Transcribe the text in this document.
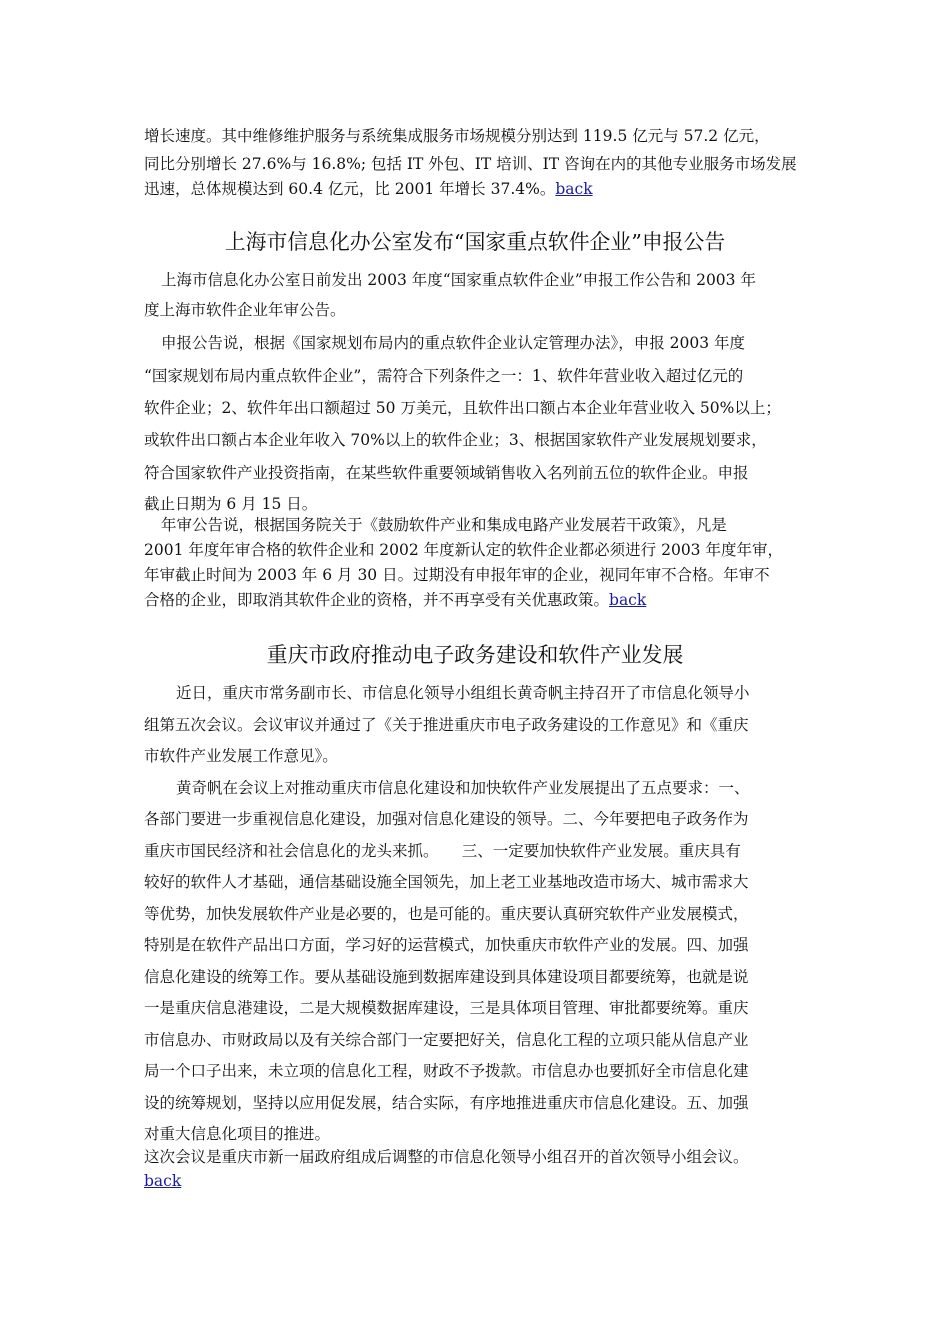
增长速度。其中维修维护服务与系统集成服务市场规模分别达到 119.5 亿元与 57.2 亿元，
同比分别增长 27.6%与 16.8%; 包括 IT 外包、IT 培训、IT 咨询在内的其他专业服务市场发展
迅速，总体规模达到 60.4 亿元，比 2001 年增长 37.4%。back
上海市信息化办公室发布“国家重点软件企业”申报公告
上海市信息化办公室日前发出 2003 年度“国家重点软件企业”申报工作公告和 2003 年
度上海市软件企业年审公告。
申报公告说，根据《国家规划布局内的重点软件企业认定管理办法》，申报 2003 年度
“国家规划布局内重点软件企业”，需符合下列条件之一：1、软件年营业收入超过亿元的
软件企业；2、软件年出口额超过 50 万美元，且软件出口额占本企业年营业收入 50%以上；
或软件出口额占本企业年收入 70%以上的软件企业；3、根据国家软件产业发展规划要求，
符合国家软件产业投资指南，在某些软件重要领域销售收入名列前五位的软件企业。申报
截止日期为 6 月 15 日。
年审公告说，根据国务院关于《鼓励软件产业和集成电路产业发展若干政策》，凡是
2001 年度年审合格的软件企业和 2002 年度新认定的软件企业都必须进行 2003 年度年审，
年审截止时间为 2003 年 6 月 30 日。过期没有申报年审的企业，视同年审不合格。年审不
合格的企业，即取消其软件企业的资格，并不再享受有关优惠政策。back
重庆市政府推动电子政务建设和软件产业发展
近日，重庆市常务副市长、市信息化领导小组组长黄奇帆主持召开了市信息化领导小
组第五次会议。会议审议并通过了《关于推进重庆市电子政务建设的工作意见》和《重庆
市软件产业发展工作意见》。
黄奇帆在会议上对推动重庆市信息化建设和加快软件产业发展提出了五点要求：一、
各部门要进一步重视信息化建设，加强对信息化建设的领导。二、今年要把电子政务作为
重庆市国民经济和社会信息化的龙头来抓。　　三、一定要加快软件产业发展。重庆具有
较好的软件人才基础，通信基础设施全国领先，加上老工业基地改造市场大、城市需求大
等优势，加快发展软件产业是必要的，也是可能的。重庆要认真研究软件产业发展模式，
特别是在软件产品出口方面，学习好的运营模式，加快重庆市软件产业的发展。四、加强
信息化建设的统筹工作。要从基础设施到数据库建设到具体建设项目都要统筹，也就是说
一是重庆信息港建设，二是大规模数据库建设，三是具体项目管理、审批都要统筹。重庆
市信息办、市财政局以及有关综合部门一定要把好关，信息化工程的立项只能从信息产业
局一个口子出来，未立项的信息化工程，财政不予拨款。市信息办也要抓好全市信息化建
设的统筹规划，坚持以应用促发展，结合实际，有序地推进重庆市信息化建设。五、加强
对重大信息化项目的推进。
这次会议是重庆市新一届政府组成后调整的市信息化领导小组召开的首次领导小组会议。
back
